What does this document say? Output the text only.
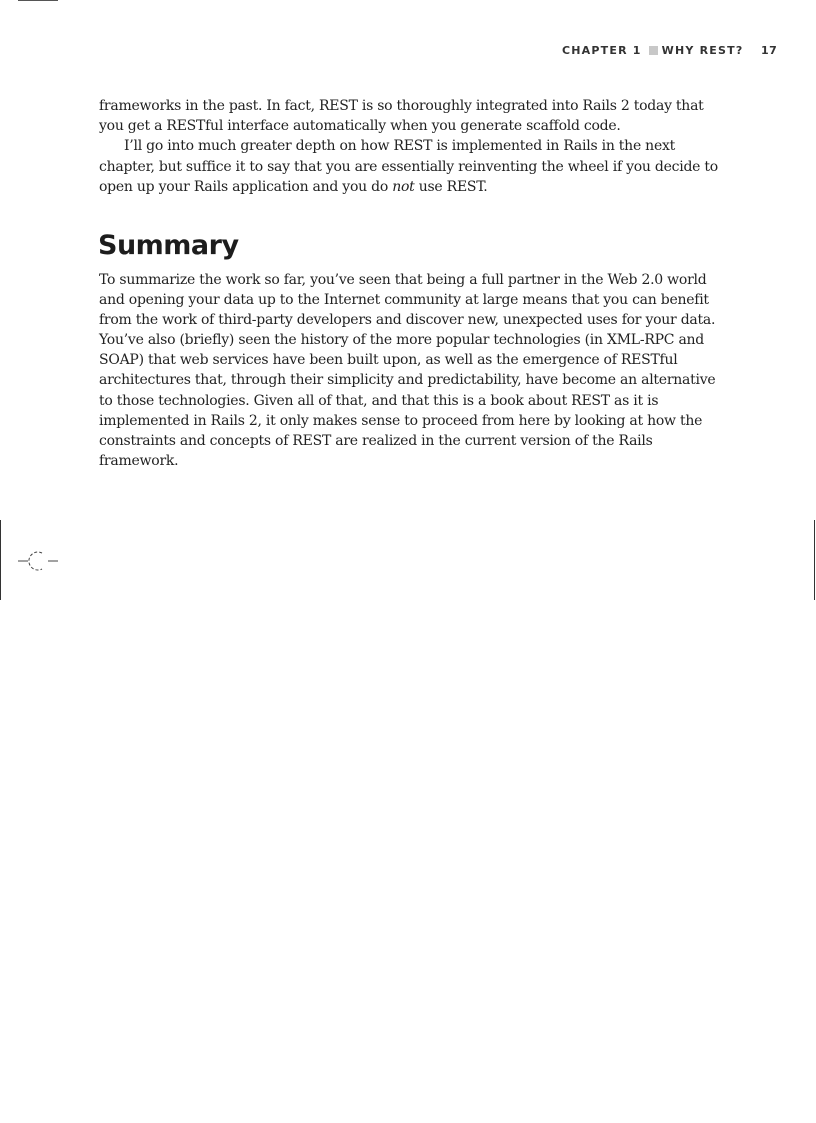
CHAPTER 1 WHY REST? 17

frameworks in the past. In fact, REST is so thoroughly integrated into Rails 2 today that you get a RESTful interface automatically when you generate scaffold code.

I’ll go into much greater depth on how REST is implemented in Rails in the next chapter, but suffice it to say that you are essentially reinventing the wheel if you decide to open up your Rails application and you do not use REST.

Summary

To summarize the work so far, you’ve seen that being a full partner in the Web 2.0 world and opening your data up to the Internet community at large means that you can benefit from the work of third-party developers and discover new, unexpected uses for your data. You’ve also (briefly) seen the history of the more popular technologies (in XML-RPC and SOAP) that web services have been built upon, as well as the emergence of RESTful architectures that, through their simplicity and predictability, have become an alternative to those technologies. Given all of that, and that this is a book about REST as it is implemented in Rails 2, it only makes sense to proceed from here by looking at how the constraints and concepts of REST are realized in the current version of the Rails framework.
